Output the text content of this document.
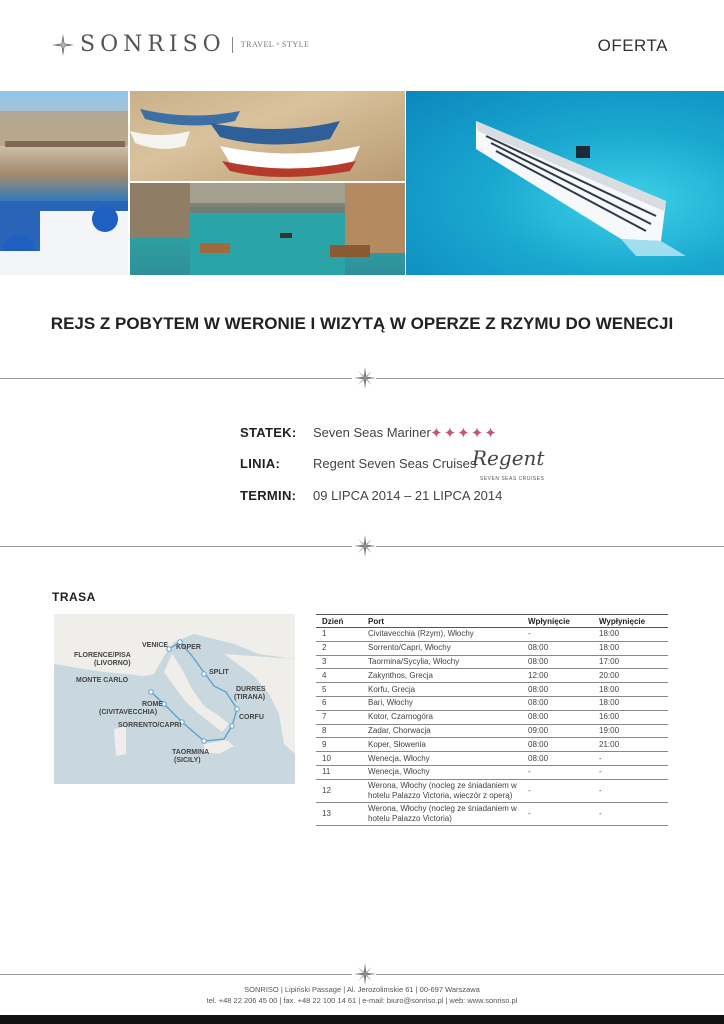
SONRISO TRAVEL ᵸ STYLE	OFERTA
REJS Z POBYTEM W WERONIE I WIZYTĄ W OPERZE Z RZYMU DO WENECJI
STATEK: Seven Seas Mariner ✦✦✦✦✦
LINIA:	Regent Seven Seas Cruises
Regent
SEVEN SEAS CRUISES
TERMIN: 09 LIPCA 2014 – 21 LIPCA 2014
TRASA
VENICE KOPER
FLORENCE/PISA
(LIVORNO)
SPLIT
MONTE CARLO
DURRES
(TIRANA)
ROME
(CIVITAVECCHIA)
CORFU
SORRENTO/CAPRI
TAORMINA
(SICILY)
Dzień	Port	Wpłynięcie	Wypłynięcie
1	Civitavecchia (Rzym), Włochy	-	18:00
2	Sorrento/Capri, Włochy	08:00	18:00
3	Taormina/Sycylia, Włochy	08:00	17:00
4	Zakynthos, Grecja	12:00	20:00
5	Korfu, Grecja	08:00	18:00
6	Bari, Włochy	08:00	18:00
7	Kotor, Czarnogóra	08:00	16:00
8	Zadar, Chorwacja	09:00	19:00
9	Koper, Słowenia	08:00	21:00
10	Wenecja, Włochy	08:00	-
11	Wenecja, Włochy	-	-
12	Werona, Włochy (nocleg ze śniadaniem w hotelu Palazzo Victoria, wieczór z operą)	-	-
13	Werona, Włochy (nocleg ze śniadaniem w hotelu Palazzo Victoria)	-	-
SONRISO | Lipiński Passage | Al. Jerozolimskie 61 | 00-697 Warszawa
tel. +48 22 206 45 00 | fax. +48 22 100 14 61 | e-mail: biuro@sonriso.pl | web: www.sonriso.pl
